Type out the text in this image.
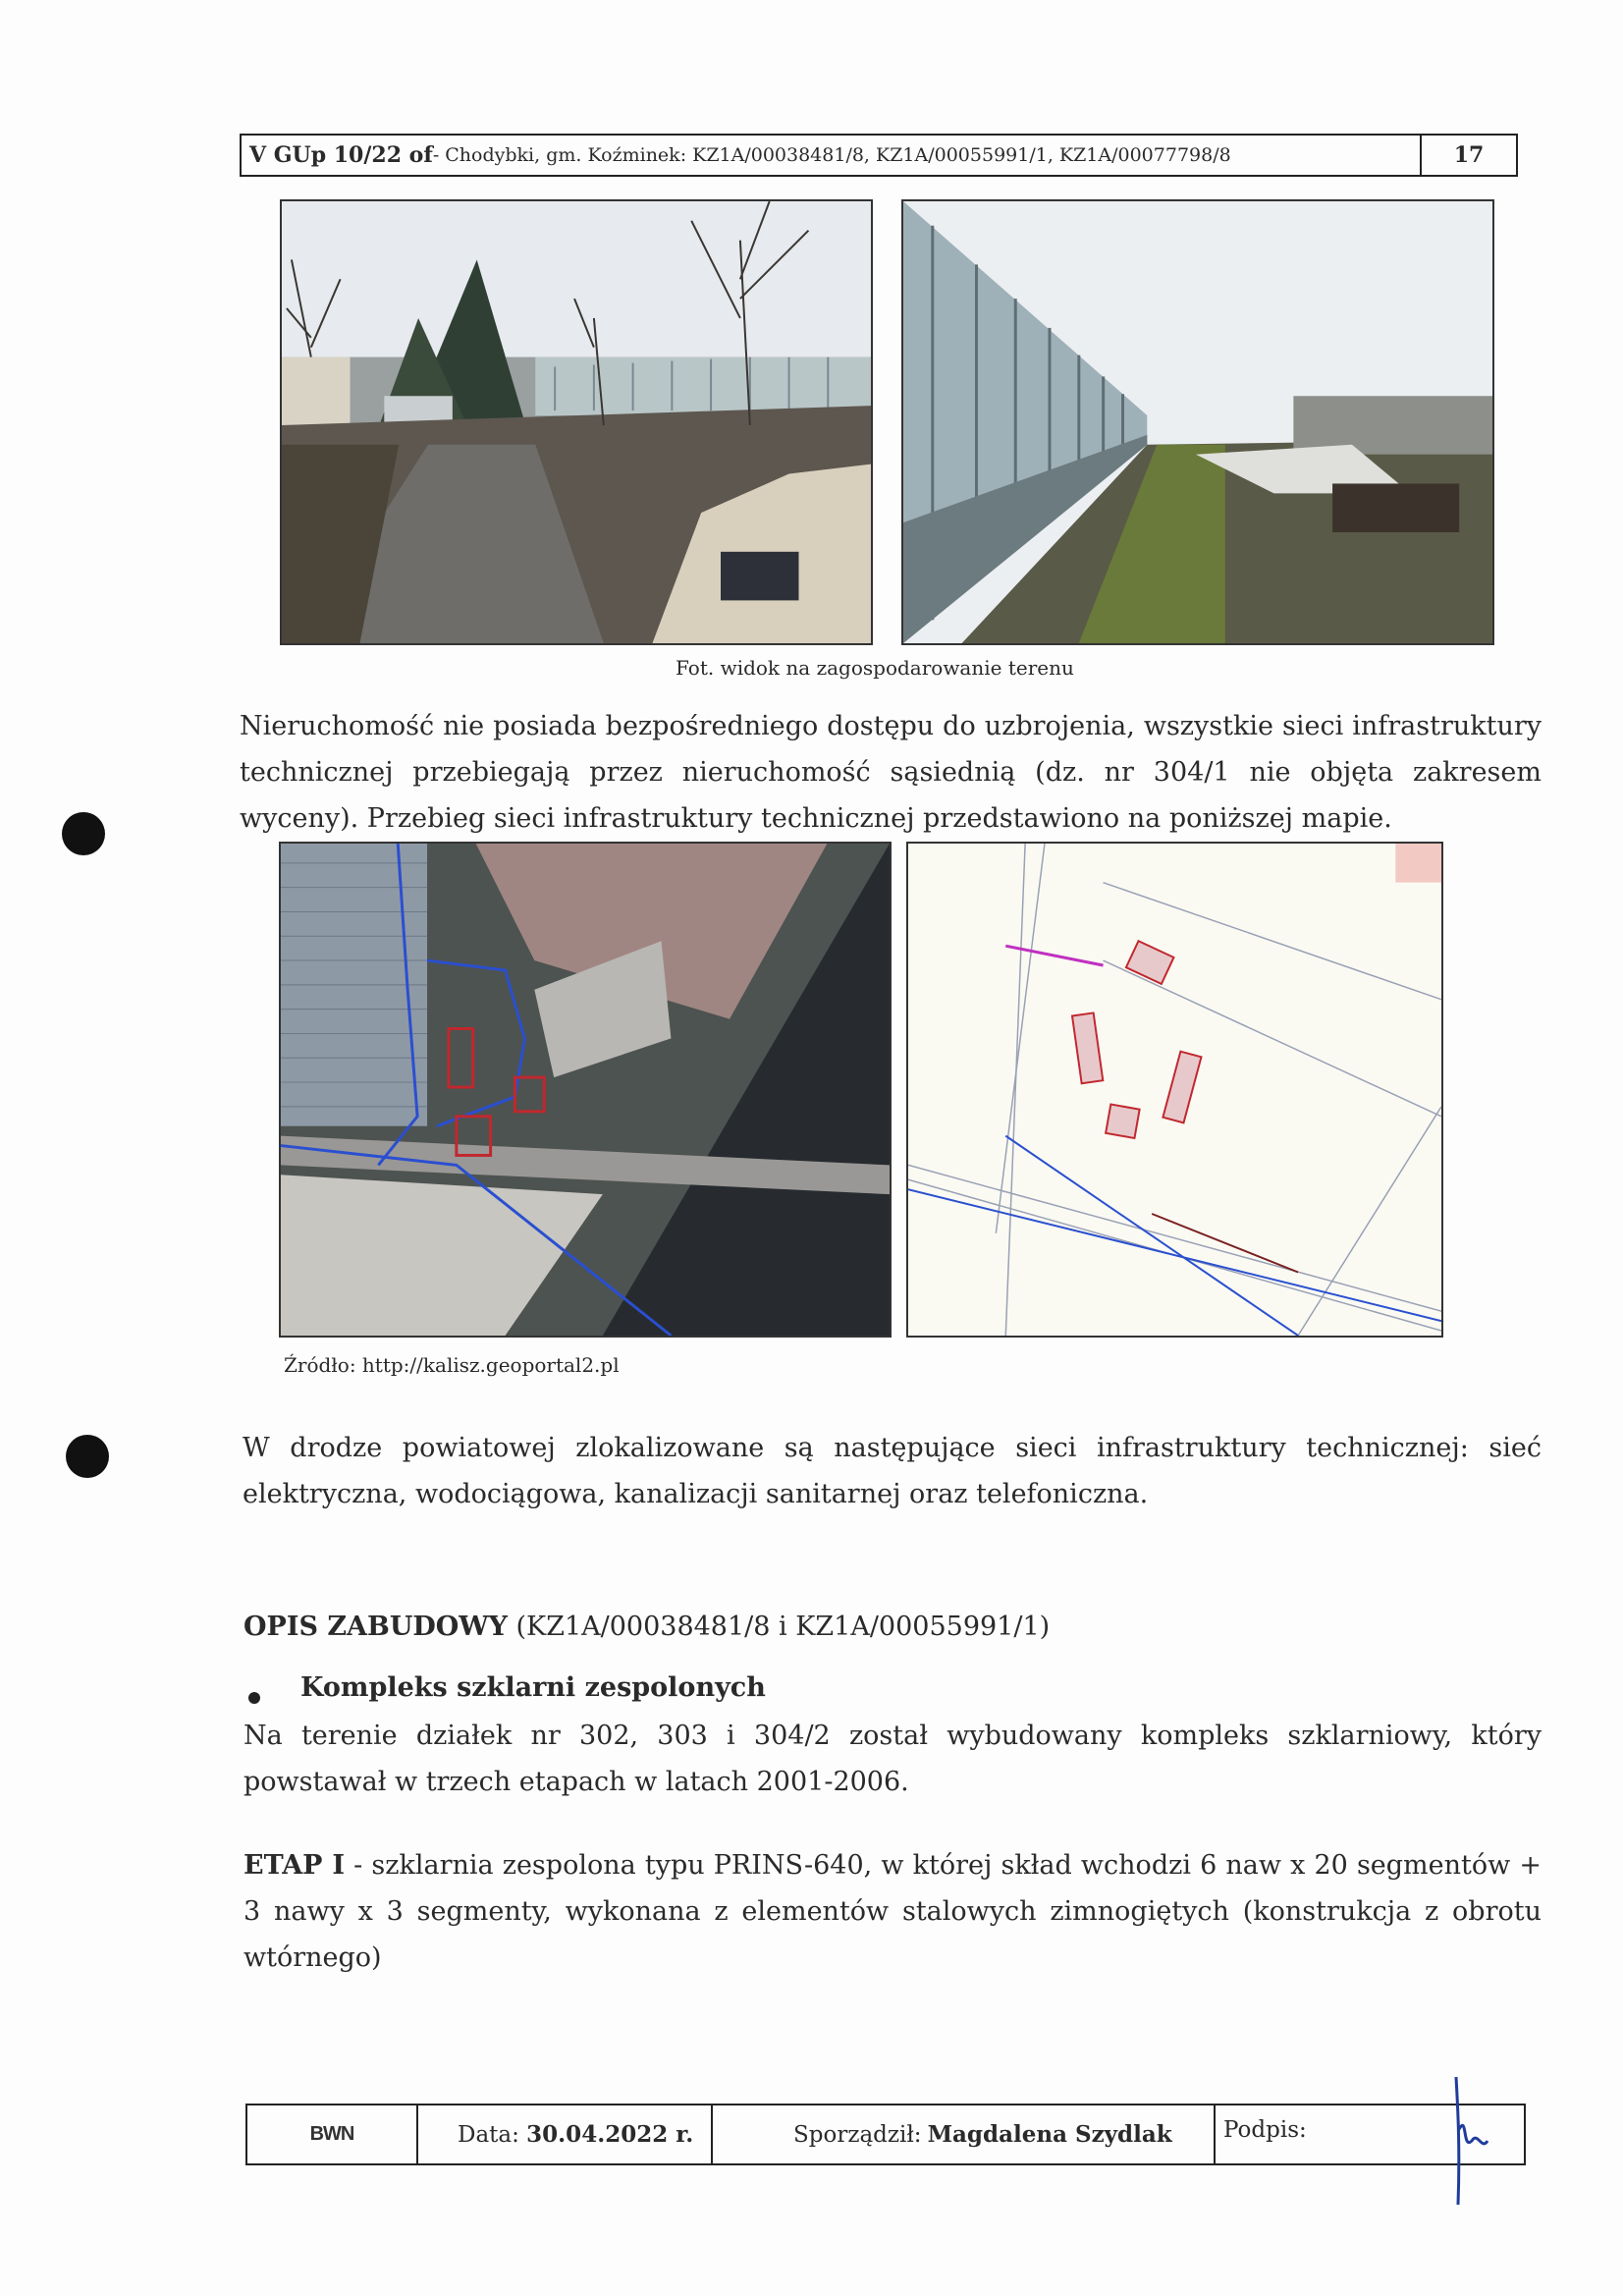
V GUp 10/22 of - Chodybki, gm. Koźminek: KZ1A/00038481/8, KZ1A/00055991/1, KZ1A/00077798/8	17
Fot. widok na zagospodarowanie terenu
Nieruchomość nie posiada bezpośredniego dostępu do uzbrojenia, wszystkie sieci infrastruktury technicznej przebiegają przez nieruchomość sąsiednią (dz. nr 304/1 nie objęta zakresem wyceny). Przebieg sieci infrastruktury technicznej przedstawiono na poniższej mapie.
Źródło: http://kalisz.geoportal2.pl
W drodze powiatowej zlokalizowane są następujące sieci infrastruktury technicznej: sieć elektryczna, wodociągowa, kanalizacji sanitarnej oraz telefoniczna.
OPIS ZABUDOWY (KZ1A/00038481/8 i KZ1A/00055991/1)
Kompleks szklarni zespolonych
Na terenie działek nr 302, 303 i 304/2 został wybudowany kompleks szklarniowy, który powstawał w trzech etapach w latach 2001-2006.
ETAP I - szklarnia zespolona typu PRINS-640, w której skład wchodzi 6 naw x 20 segmentów + 3 nawy x 3 segmenty, wykonana z elementów stalowych zimnogiętych (konstrukcja z obrotu wtórnego)
BWN	Data:
30.04.2022 r.	Sporządził: Magdalena Szydlak Podpis:
